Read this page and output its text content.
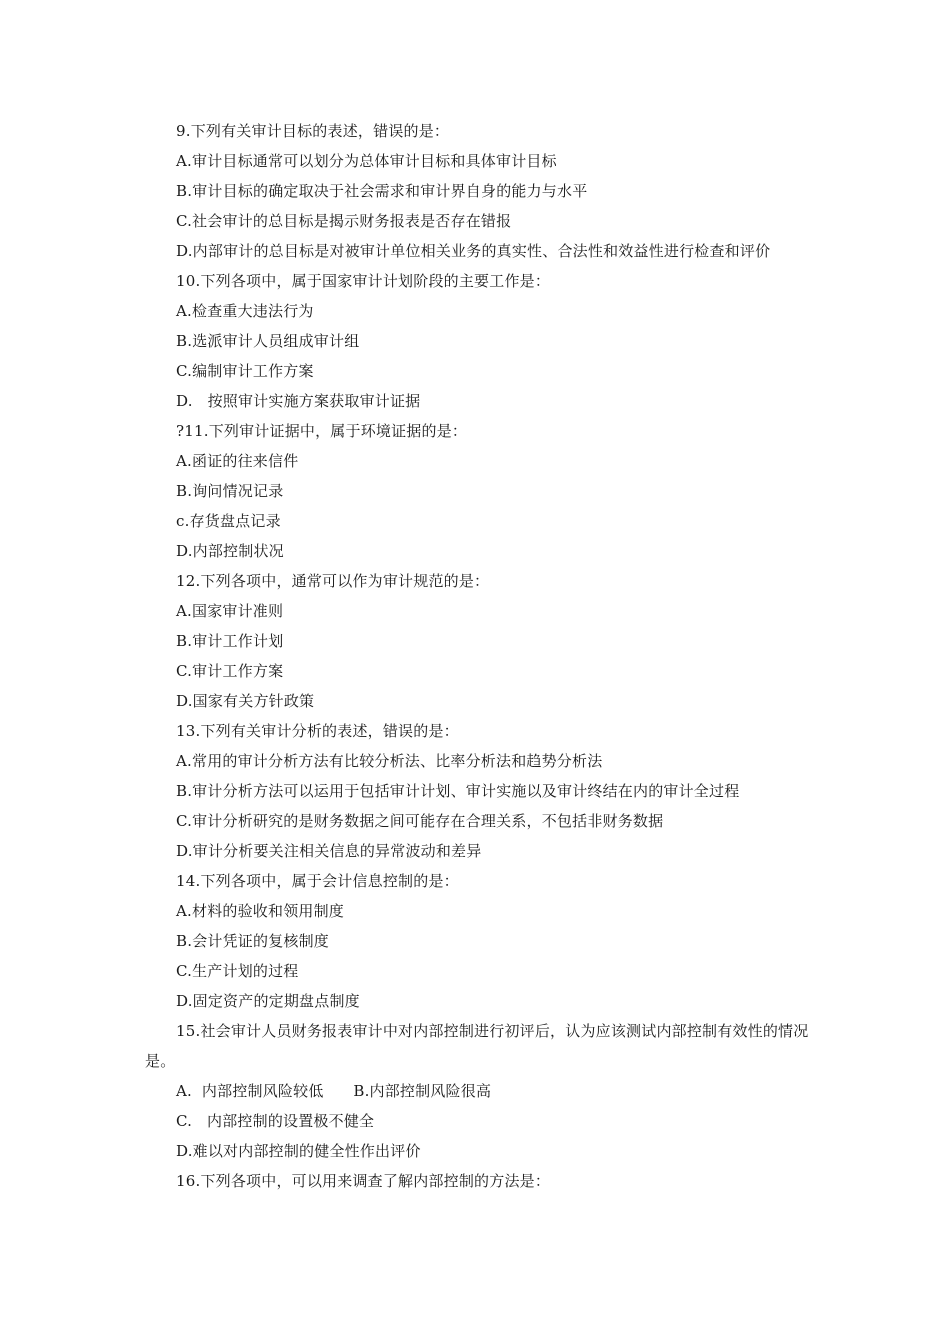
9.下列有关审计目标的表述，错误的是：
A.审计目标通常可以划分为总体审计目标和具体审计目标
B.审计目标的确定取决于社会需求和审计界自身的能力与水平
C.社会审计的总目标是揭示财务报表是否存在错报
D.内部审计的总目标是对被审计单位相关业务的真实性、合法性和效益性进行检查和评价
10.下列各项中，属于国家审计计划阶段的主要工作是：
A.检查重大违法行为
B.选派审计人员组成审计组
C.编制审计工作方案
D.   按照审计实施方案获取审计证据
?11.下列审计证据中，属于环境证据的是：
A.函证的往来信件
B.询问情况记录
c.存货盘点记录
D.内部控制状况
12.下列各项中，通常可以作为审计规范的是：
A.国家审计准则
B.审计工作计划
C.审计工作方案
D.国家有关方针政策
13.下列有关审计分析的表述，错误的是：
A.常用的审计分析方法有比较分析法、比率分析法和趋势分析法
B.审计分析方法可以运用于包括审计计划、审计实施以及审计终结在内的审计全过程
C.审计分析研究的是财务数据之间可能存在合理关系，不包括非财务数据
D.审计分析要关注相关信息的异常波动和差异
14.下列各项中，属于会计信息控制的是：
A.材料的验收和领用制度
B.会计凭证的复核制度
C.生产计划的过程
D.固定资产的定期盘点制度
15.社会审计人员财务报表审计中对内部控制进行初评后，认为应该测试内部控制有效性的情况是。
A.  内部控制风险较低      B.内部控制风险很高
C.   内部控制的设置极不健全
D.难以对内部控制的健全性作出评价
16.下列各项中，可以用来调查了解内部控制的方法是：
